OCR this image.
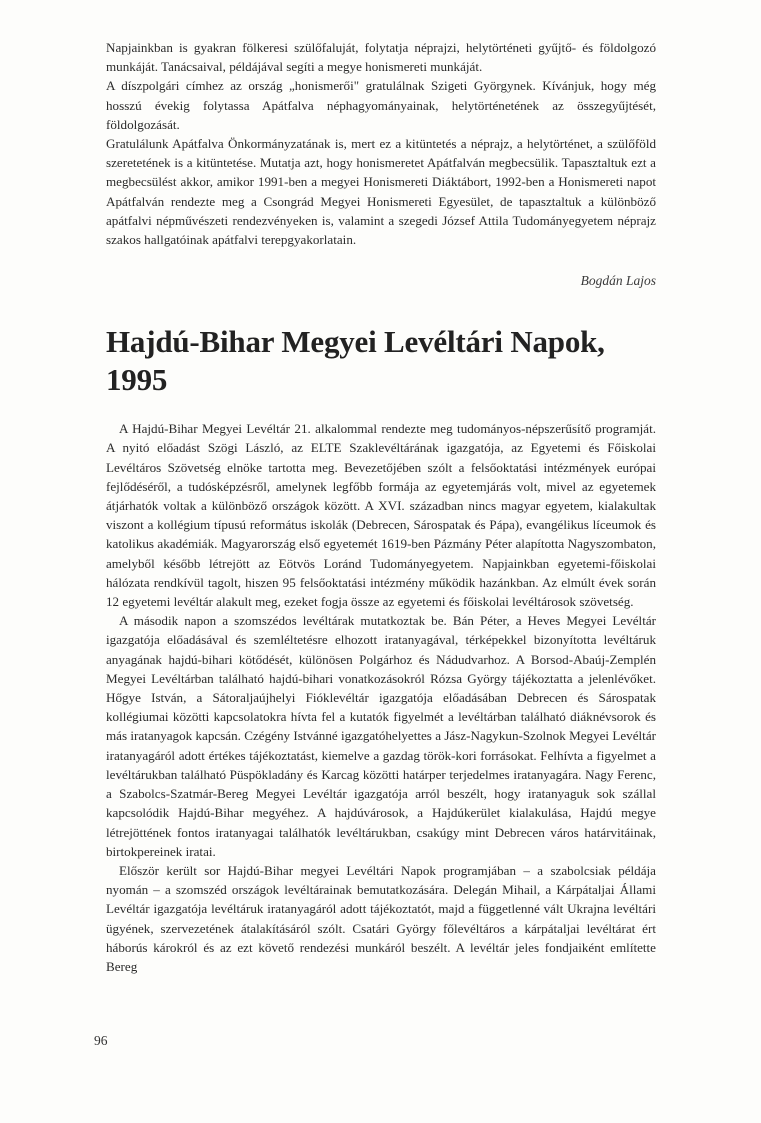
Napjainkban is gyakran fölkeresi szülőfaluját, folytatja néprajzi, helytörténeti gyűjtő- és földolgozó munkáját. Tanácsaival, példájával segíti a megye honismereti munkáját.

A díszpolgári címhez az ország „honismerői" gratulálnak Szigeti Györgynek. Kívánjuk, hogy még hosszú évekig folytassa Apátfalva néphagyományainak, helytörténetének az összegyűjtését, földolgozását.

Gratulálunk Apátfalva Önkormányzatának is, mert ez a kitüntetés a néprajz, a helytörténet, a szülőföld szeretetének is a kitüntetése. Mutatja azt, hogy honismeretet Apátfalván megbecsülik. Tapasztaltuk ezt a megbecsülést akkor, amikor 1991-ben a megyei Honismereti Diáktábort, 1992-ben a Honismereti napot Apátfalván rendezte meg a Csongrád Megyei Honismereti Egyesület, de tapasztaltuk a különböző apátfalvi népművészeti rendezvényeken is, valamint a szegedi József Attila Tudományegyetem néprajz szakos hallgatóinak apátfalvi terepgyakorlatain.

Bogdán Lajos

Hajdú-Bihar Megyei Levéltári Napok, 1995

A Hajdú-Bihar Megyei Levéltár 21. alkalommal rendezte meg tudományos-népszerűsítő programját. A nyitó előadást Szögi László, az ELTE Szaklevéltárának igazgatója, az Egyetemi és Főiskolai Levéltáros Szövetség elnöke tartotta meg. Bevezetőjében szólt a felsőoktatási intézmények európai fejlődéséről, a tudósképzésről, amelynek legfőbb formája az egyetemjárás volt, mivel az egyetemek átjárhatók voltak a különböző országok között. A XVI. században nincs magyar egyetem, kialakultak viszont a kollégium típusú református iskolák (Debrecen, Sárospatak és Pápa), evangélikus líceumok és katolikus akadémiák. Magyarország első egyetemét 1619-ben Pázmány Péter alapította Nagyszombaton, amelyből később létrejött az Eötvös Loránd Tudományegyetem. Napjainkban egyetemi-főiskolai hálózata rendkívül tagolt, hiszen 95 felsőoktatási intézmény működik hazánkban. Az elmúlt évek során 12 egyetemi levéltár alakult meg, ezeket fogja össze az egyetemi és főiskolai levéltárosok szövetség.

A második napon a szomszédos levéltárak mutatkoztak be. Bán Péter, a Heves Megyei Levéltár igazgatója előadásával és szemléltetésre elhozott iratanyagával, térképekkel bizonyította levéltáruk anyagának hajdú-bihari kötődését, különösen Polgárhoz és Nádudvarhoz. A Borsod-Abaúj-Zemplén Megyei Levéltárban található hajdú-bihari vonatkozásokról Rózsa György tájékoztatta a jelenlévőket. Hőgye István, a Sátoraljaújhelyi Fióklevéltár igazgatója előadásában Debrecen és Sárospatak kollégiumai közötti kapcsolatokra hívta fel a kutatók figyelmét a levéltárban található diáknévsorok és más iratanyagok kapcsán. Czégény Istvánné igazgatóhelyettes a Jász-Nagykun-Szolnok Megyei Levéltár iratanyagáról adott értékes tájékoztatást, kiemelve a gazdag török-kori forrásokat. Felhívta a figyelmet a levéltárukban található Püspökladány és Karcag közötti határper terjedelmes iratanyagára. Nagy Ferenc, a Szabolcs-Szatmár-Bereg Megyei Levéltár igazgatója arról beszélt, hogy iratanyaguk sok szállal kapcsolódik Hajdú-Bihar megyéhez. A hajdúvárosok, a Hajdúkerület kialakulása, Hajdú megye létrejöttének fontos iratanyagai találhatók levéltárukban, csakúgy mint Debrecen város határvitáinak, birtokpereinek iratai.

Először került sor Hajdú-Bihar megyei Levéltári Napok programjában – a szabolcsiak példája nyomán – a szomszéd országok levéltárainak bemutatkozására. Delegán Mihail, a Kárpátaljai Állami Levéltár igazgatója levéltáruk iratanyagáról adott tájékoztatót, majd a függetlenné vált Ukrajna levéltári ügyének, szervezetének átalakításáról szólt. Csatári György főlevéltáros a kárpátaljai levéltárat ért háborús károkról és az ezt követő rendezési munkáról beszélt. A levéltár jeles fondjaiként említette Bereg

96
